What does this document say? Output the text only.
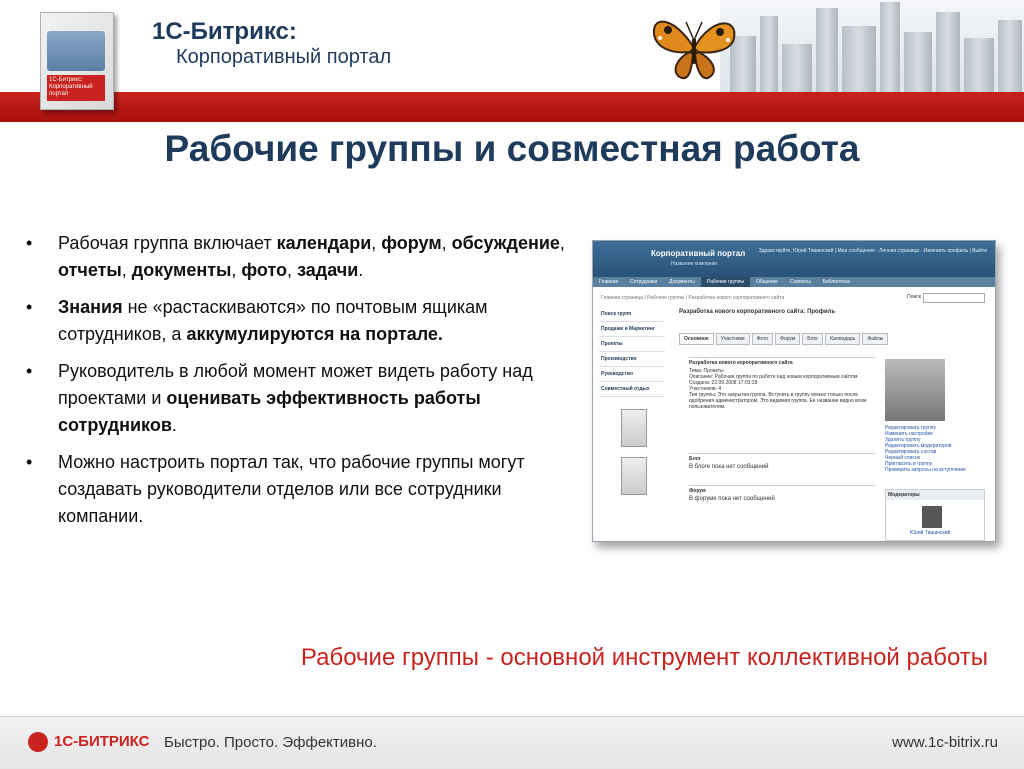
1С-Битрикс: Корпоративный портал
1С-Битрикс:
Корпоративный портал
Рабочие группы и совместная работа
• Рабочая группа включает календари, форум, обсуждение, отчеты, документы, фото, задачи.
• Знания не «растаскиваются» по почтовым ящикам сотрудников, а аккумулируются на портале.
• Руководитель в любой момент может видеть работу над проектами и оценивать эффективность работы сотрудников.
• Можно настроить портал так, что рабочие группы могут создавать руководители отделов или все сотрудники компании.
Корпоративный портал
Название компании
Здравствуйте, Юрий Тишинский | Мои сообщения · Личная страница · Изменить профиль | Выйти
Главная Сотрудники Документы Рабочие группы Общение Сервисы Библиотека
Главная страница / Рабочие группы / Разработка нового корпоративного сайта	Поиск
Поиск групп
Продажи и Маркетинг
Проекты
Производство
Руководство
Совместный отдых
Разработка нового корпоративного сайта: Профиль
Основное Участники Фото Форум Блог Календарь Файлы
Разработка нового корпоративного сайта
Тема: Проекты
Описание: Рабочая группа по работе над новым корпоративным сайтом
Создана: 22.09.2008 17:03:28
Участников: 4
Тип группы: Это закрытая группа. Вступить в группу можно только после одобрения администратором. Это видимая группа. Ее название видно всем пользователям.
Блог
В блоге пока нет сообщений
Форум
В форуме пока нет сообщений
Редактировать группу
Изменить настройки
Удалить группу
Редактировать модераторов
Редактировать состав
Черный список
Пригласить в группу
Проверить запросы на вступление
Модераторы
Юрий Тишинский
Рабочие группы - основной инструмент коллективной работы
1С-БИТРИКС Быстро. Просто. Эффективно.	www.1c-bitrix.ru
